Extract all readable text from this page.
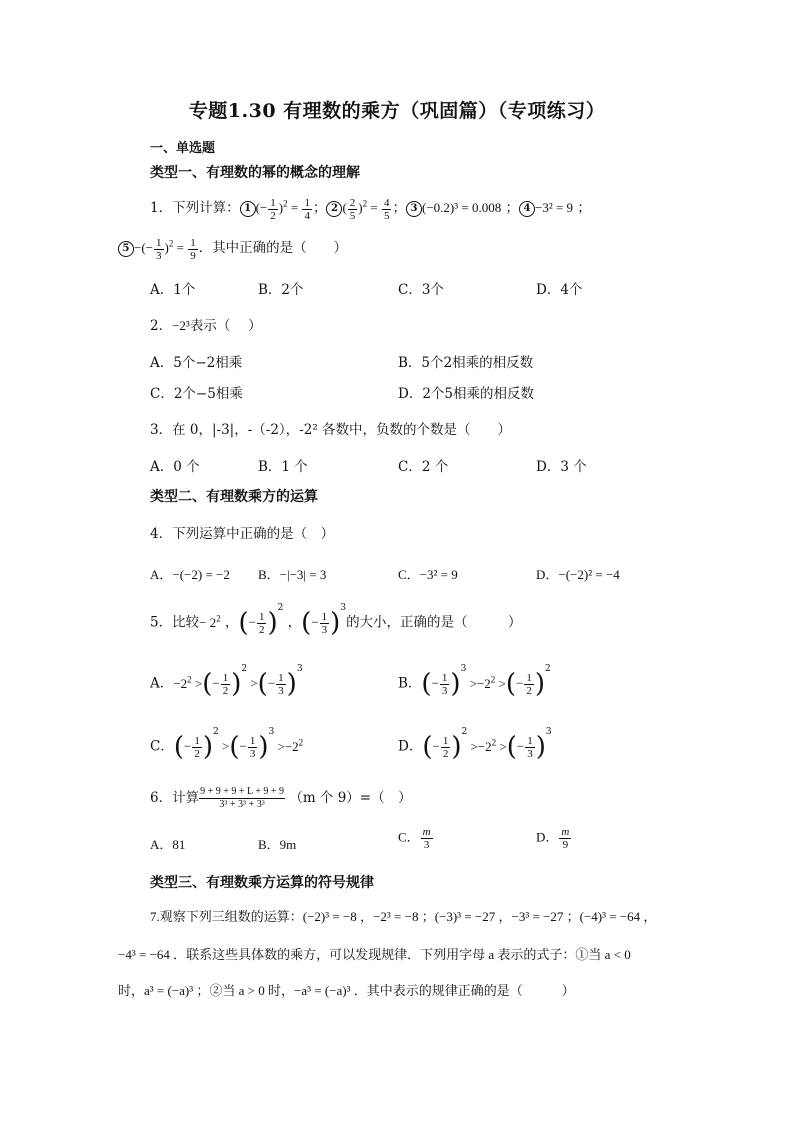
专题1.30 有理数的乘方（巩固篇）（专项练习）
一、单选题
类型一、有理数的幂的概念的理解
1．下列计算： 1 (− $\frac{1}{2} )^2 = \frac{1}{4}$ ； 2 ( $\frac{2}{5} )^2 = \frac{4}{5}$ ； 3 (−0.2)³ = 0.008 ； 4 −3² = 9 ；
5 −(− $\frac{1}{3} )^2 = \frac{1}{9}$ ．其中正确的是（　　）
A．1个	B．2个	C．3个	D．4个
2．−2³表示（　 ）
A．5个−2相乘	B．5个2相乘的相反数
C．2个−5相乘	D．2个5相乘的相反数
3．在 0，|-3|，-（-2），-2² 各数中，负数的个数是（　　）
A．0 个	B．1 个	C．2 个	D．3 个
类型二、有理数乘方的运算
4．下列运算中正确的是（　）
A．−(−2) = −2 B．−|−3| = 3	C．−3² = 9	D．−(−2)² = −4
5．比较− $2^2$ ， ( − $\frac{1}{2}$ ) 2
， ( − $\frac{1}{3}$ ) 3
的大小，正确的是（　　　）
A．$-2^2$ > ( − $\frac{1}{2}$ ) 2
> ( − $\frac{1}{3}$ ) 3
B． ( − $\frac{1}{3}$ ) 3
$>-2^2$ > ( − $\frac{1}{2}$ ) 2
C． ( − $\frac{1}{2}$ ) 2
> ( − $\frac{1}{3}$ ) 3
$>-2^2$	D． ( − $\frac{1}{2}$ ) 2
$>-2^2$ > ( − $\frac{1}{3}$ ) 3
6．计算 $\frac{9 + 9 + 9 + L + 9 + 9}{\text{3³ + 3³ + 3³}} (m$ 个 9）=（　）
A．81	B．9m
C． $\frac{m}{3}$	D． $\frac{m}{9}$
类型三、有理数乘方运算的符号规律
7.观察下列三组数的运算：(−2)³ = −8 ，−2³ = −8 ；(−3)³ = −27 ，−3³ = −27 ；(−4)³ = −64 ，
−4³ = −64 ．联系这些具体数的乘方，可以发现规律．下列用字母 a 表示的式子：①当 a < 0
时，a³ = (−a)³ ；②当 a > 0 时，−a³ = (−a)³ ．其中表示的规律正确的是（　　　）
